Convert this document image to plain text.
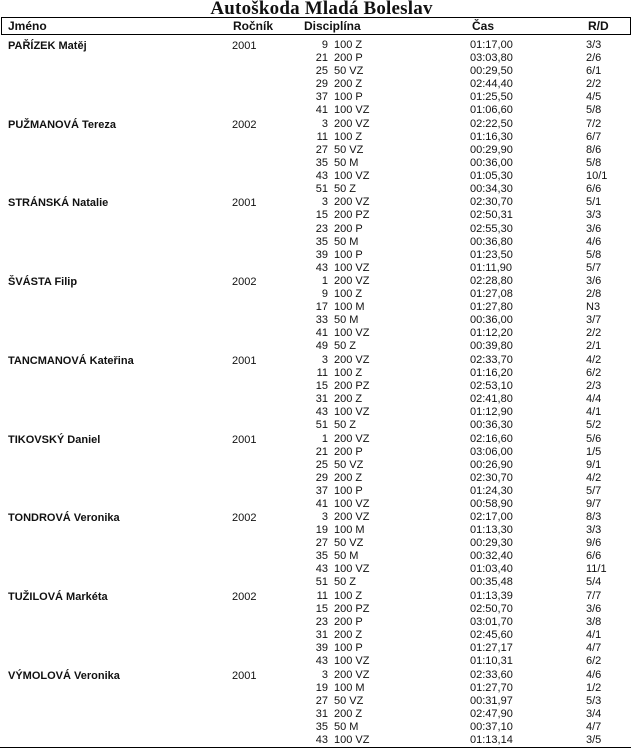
Autoškoda Mladá Boleslav
Jméno	Ročník	Disciplína	Čas	R/D
PAŘÍZEK Matěj	2001	9 100 Z	01:17,00	3/3
21 200 P	03:03,80	2/6
25 50 VZ	00:29,50	6/1
29 200 Z	02:44,40	2/2
37 100 P	01:25,50	4/5
41 100 VZ	01:06,60	5/8
PUŽMANOVÁ Tereza	2002	3 200 VZ	02:22,50	7/2
11 100 Z	01:16,30	6/7
27 50 VZ	00:29,90	8/6
35 50 M	00:36,00	5/8
43 100 VZ	01:05,30	10/1
51 50 Z	00:34,30	6/6
STRÁNSKÁ Natalie	2001	3 200 VZ	02:30,70	5/1
15 200 PZ	02:50,31	3/3
23 200 P	02:55,30	3/6
35 50 M	00:36,80	4/6
39 100 P	01:23,50	5/8
43 100 VZ	01:11,90	5/7
ŠVÁSTA Filip	2002	1 200 VZ	02:28,80	3/6
9 100 Z	01:27,08	2/8
17 100 M	01:27,80	N3
33 50 M	00:36,00	3/7
41 100 VZ	01:12,20	2/2
49 50 Z	00:39,80	2/1
TANCMANOVÁ Kateřina	2001	3 200 VZ	02:33,70	4/2
11 100 Z	01:16,20	6/2
15 200 PZ	02:53,10	2/3
31 200 Z	02:41,80	4/4
43 100 VZ	01:12,90	4/1
51 50 Z	00:36,30	5/2
TIKOVSKÝ Daniel	2001	1 200 VZ	02:16,60	5/6
21 200 P	03:06,00	1/5
25 50 VZ	00:26,90	9/1
29 200 Z	02:30,70	4/2
37 100 P	01:24,30	5/7
41 100 VZ	00:58,90	9/7
TONDROVÁ Veronika	2002	3 200 VZ	02:17,00	8/3
19 100 M	01:13,30	3/3
27 50 VZ	00:29,30	9/6
35 50 M	00:32,40	6/6
43 100 VZ	01:03,40	11/1
51 50 Z	00:35,48	5/4
TUŽILOVÁ Markéta	2002	11 100 Z	01:13,39	7/7
15 200 PZ	02:50,70	3/6
23 200 P	03:01,70	3/8
31 200 Z	02:45,60	4/1
39 100 P	01:27,17	4/7
43 100 VZ	01:10,31	6/2
VÝMOLOVÁ Veronika	2001	3 200 VZ	02:33,60	4/6
19 100 M	01:27,70	1/2
27 50 VZ	00:31,97	5/3
31 200 Z	02:47,90	3/4
35 50 M	00:37,10	4/7
43 100 VZ	01:13,14	3/5
